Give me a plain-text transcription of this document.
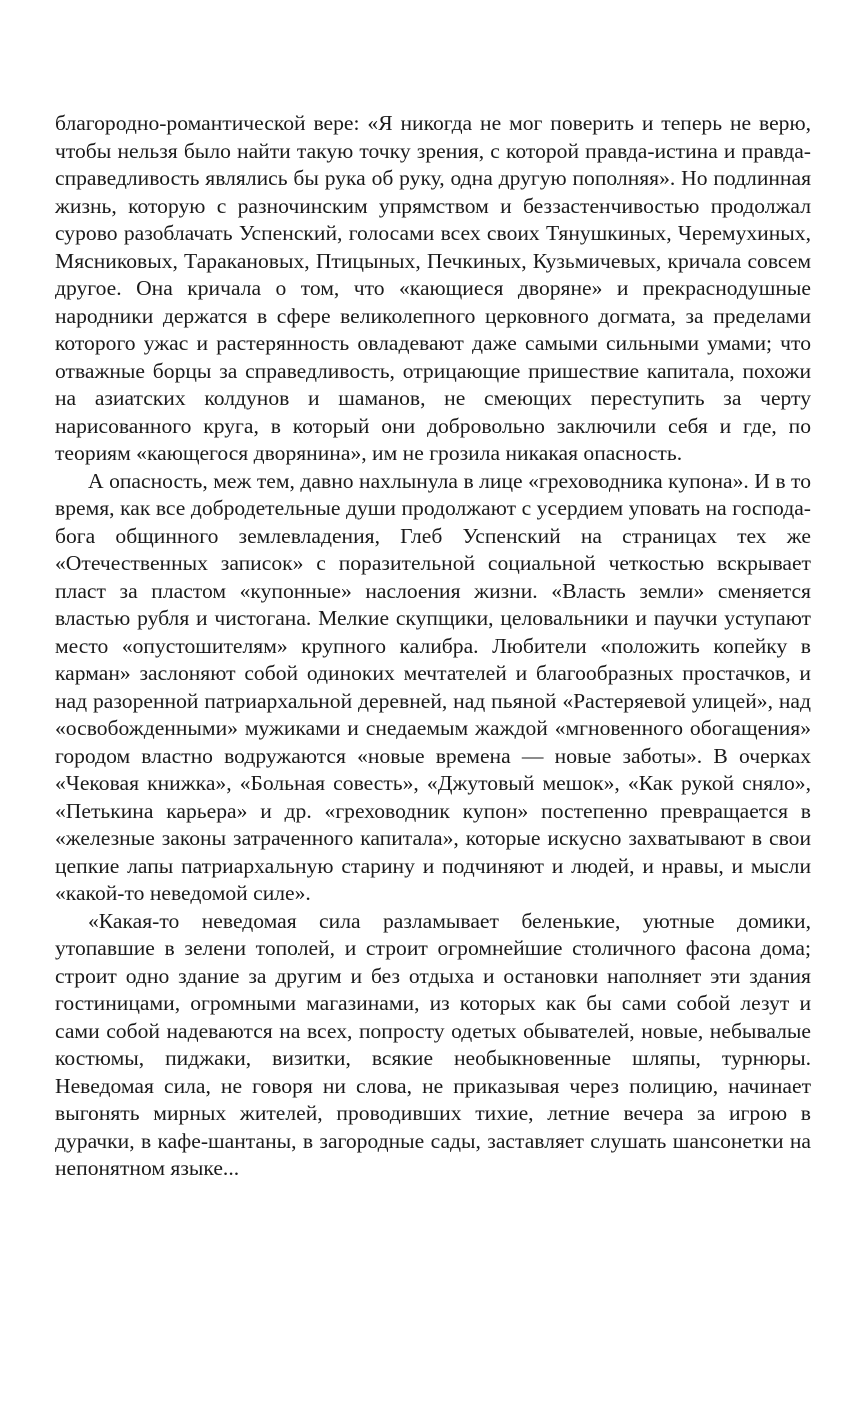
благородно-романтической вере: «Я никогда не мог поверить и теперь не верю, чтобы нельзя было найти такую точку зрения, с которой правда-истина и правда-справедливость являлись бы рука об руку, одна другую пополняя». Но подлинная жизнь, которую с разночинским упрямством и беззастенчивостью продолжал сурово разоблачать Успенский, голосами всех своих Тянушкиных, Черемухиных, Мясниковых, Таракановых, Птицыных, Печкиных, Кузьмичевых, кричала совсем другое. Она кричала о том, что «кающиеся дворяне» и прекраснодушные народники держатся в сфере великолепного церковного догмата, за пределами которого ужас и растерянность овладевают даже самыми сильными умами; что отважные борцы за справедливость, отрицающие пришествие капитала, похожи на азиатских колдунов и шаманов, не смеющих переступить за черту нарисованного круга, в который они добровольно заключили себя и где, по теориям «кающегося дворянина», им не грозила никакая опасность.

А опасность, меж тем, давно нахлынула в лице «греховодника купона». И в то время, как все добродетельные души продолжают с усердием уповать на господа- бога общинного землевладения, Глеб Успенский на страницах тех же «Отечественных записок» с поразительной социальной четкостью вскрывает пласт за пластом «купонные» наслоения жизни. «Власть земли» сменяется властью рубля и чистогана. Мелкие скупщики, целовальники и паучки уступают место «опустошителям» крупного калибра. Любители «положить копейку в карман» заслоняют собой одиноких мечтателей и благообразных простачков, и над разоренной патриархальной деревней, над пьяной «Растеряевой улицей», над «освобожденными» мужиками и снедаемым жаждой «мгновенного обогащения» городом властно водружаются «новые времена — новые заботы». В очерках «Чековая книжка», «Больная совесть», «Джутовый мешок», «Как рукой сняло», «Петькина карьера» и др. «греховодник купон» постепенно превращается в «железные законы затраченного капитала», которые искусно захватывают в свои цепкие лапы патриархальную старину и подчиняют и людей, и нравы, и мысли «какой-то неведомой силе».

«Какая-то неведомая сила разламывает беленькие, уютные домики, утопавшие в зелени тополей, и строит огромнейшие столичного фасона дома; строит одно здание за другим и без отдыха и остановки наполняет эти здания гостиницами, огромными магазинами, из которых как бы сами собой лезут и сами собой надеваются на всех, попросту одетых обывателей, новые, небывалые костюмы, пиджаки, визитки, всякие необыкновенные шляпы, турнюры. Неведомая сила, не говоря ни слова, не приказывая через полицию, начинает выгонять мирных жителей, проводивших тихие, летние вечера за игрою в дурачки, в кафе-шантаны, в загородные сады, заставляет слушать шансонетки на непонятном языке...
